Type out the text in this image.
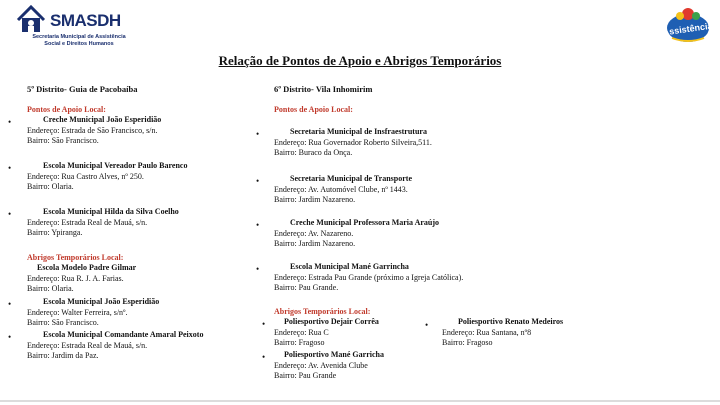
SMASDH
Secretaria Municipal de Assistência
Social e Direitos Humanos
Assistência
Relação de Pontos de Apoio e Abrigos Temporários
5º Distrito- Guia de Pacobaíba
Pontos de Apoio Local:
•	Creche Municipal João Esperidião
Endereço: Estrada de São Francisco, s/n.
Bairro: São Francisco.
•	Escola Municipal Vereador Paulo Barenco
Endereço: Rua Castro Alves, nº 250.
Bairro: Olaria.
•	Escola Municipal Hilda da Silva Coelho
Endereço: Estrada Real de Mauá, s/n.
Bairro: Ypiranga.
Abrigos Temporários Local:
Escola Modelo Padre Gilmar
Endereço: Rua R. J. A. Farias.
Bairro: Olaria.
•	Escola Municipal João Esperidião
Endereço: Walter Ferreira, s/nº.
Bairro: São Francisco.
•	Escola Municipal Comandante Amaral Peixoto
Endereço: Estrada Real de Mauá, s/n.
Bairro: Jardim da Paz.
6º Distrito- Vila Inhomirim
Pontos de Apoio Local:
•	Secretaria Municipal de Insfraestrutura
Endereço: Rua Governador Roberto Silveira,511.
Bairro: Buraco da Onça.
•	Secretaria Municipal de Transporte
Endereço: Av. Automóvel Clube, nº 1443.
Bairro: Jardim Nazareno.
•	Creche Municipal Professora Maria Araújo
Endereço: Av. Nazareno.
Bairro: Jardim Nazareno.
•	Escola Municipal Mané Garrincha
Endereço: Estrada Pau Grande (próximo a Igreja Católica).
Bairro: Pau Grande.
Abrigos Temporários Local:
•	Poliesportivo Dejair Corrêa
Endereço: Rua C
Bairro: Fragoso
•	Poliesportivo Mané Garricha
Endereço: Av. Avenida Clube
Bairro: Pau Grande
•	Poliesportivo Renato Medeiros
Endereço: Rua Santana, nº8
Bairro: Fragoso
